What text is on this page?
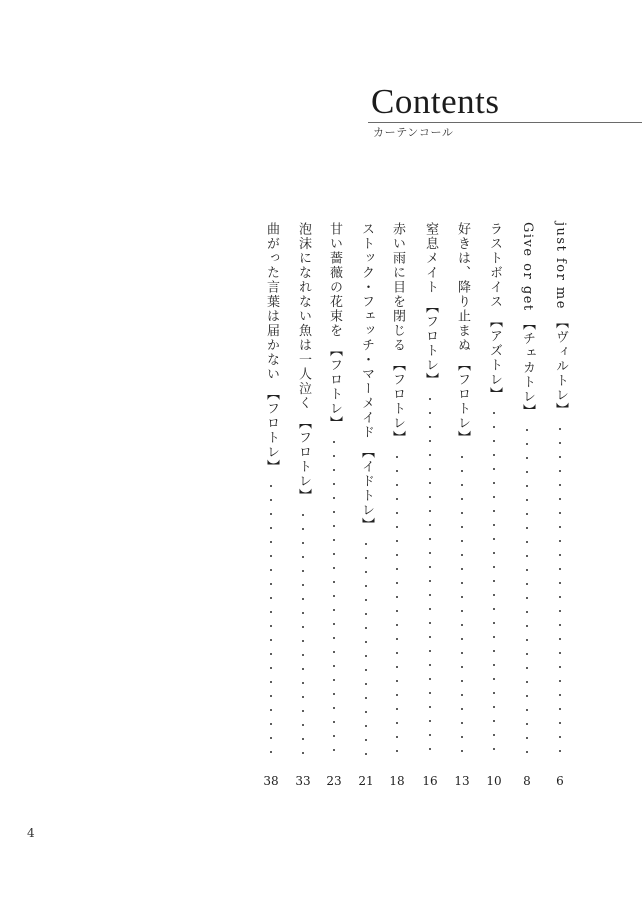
Contents
カーテンコール
just for me 【ヴィルトレ】
6
Give or get 【チェカトレ】
8
ラストボイス 【アズトレ】
10
好きは、降り止まぬ 【フロトレ】
13
窒息メイト 【フロトレ】
16
赤い雨に目を閉じる 【フロトレ】
18
ストック・フェッチ・マーメイド 【イドトレ】
21
甘い薔薇の花束を 【フロトレ】
23
泡沫になれない魚は一人泣く 【フロトレ】
33
曲がった言葉は届かない 【フロトレ】
38
4
